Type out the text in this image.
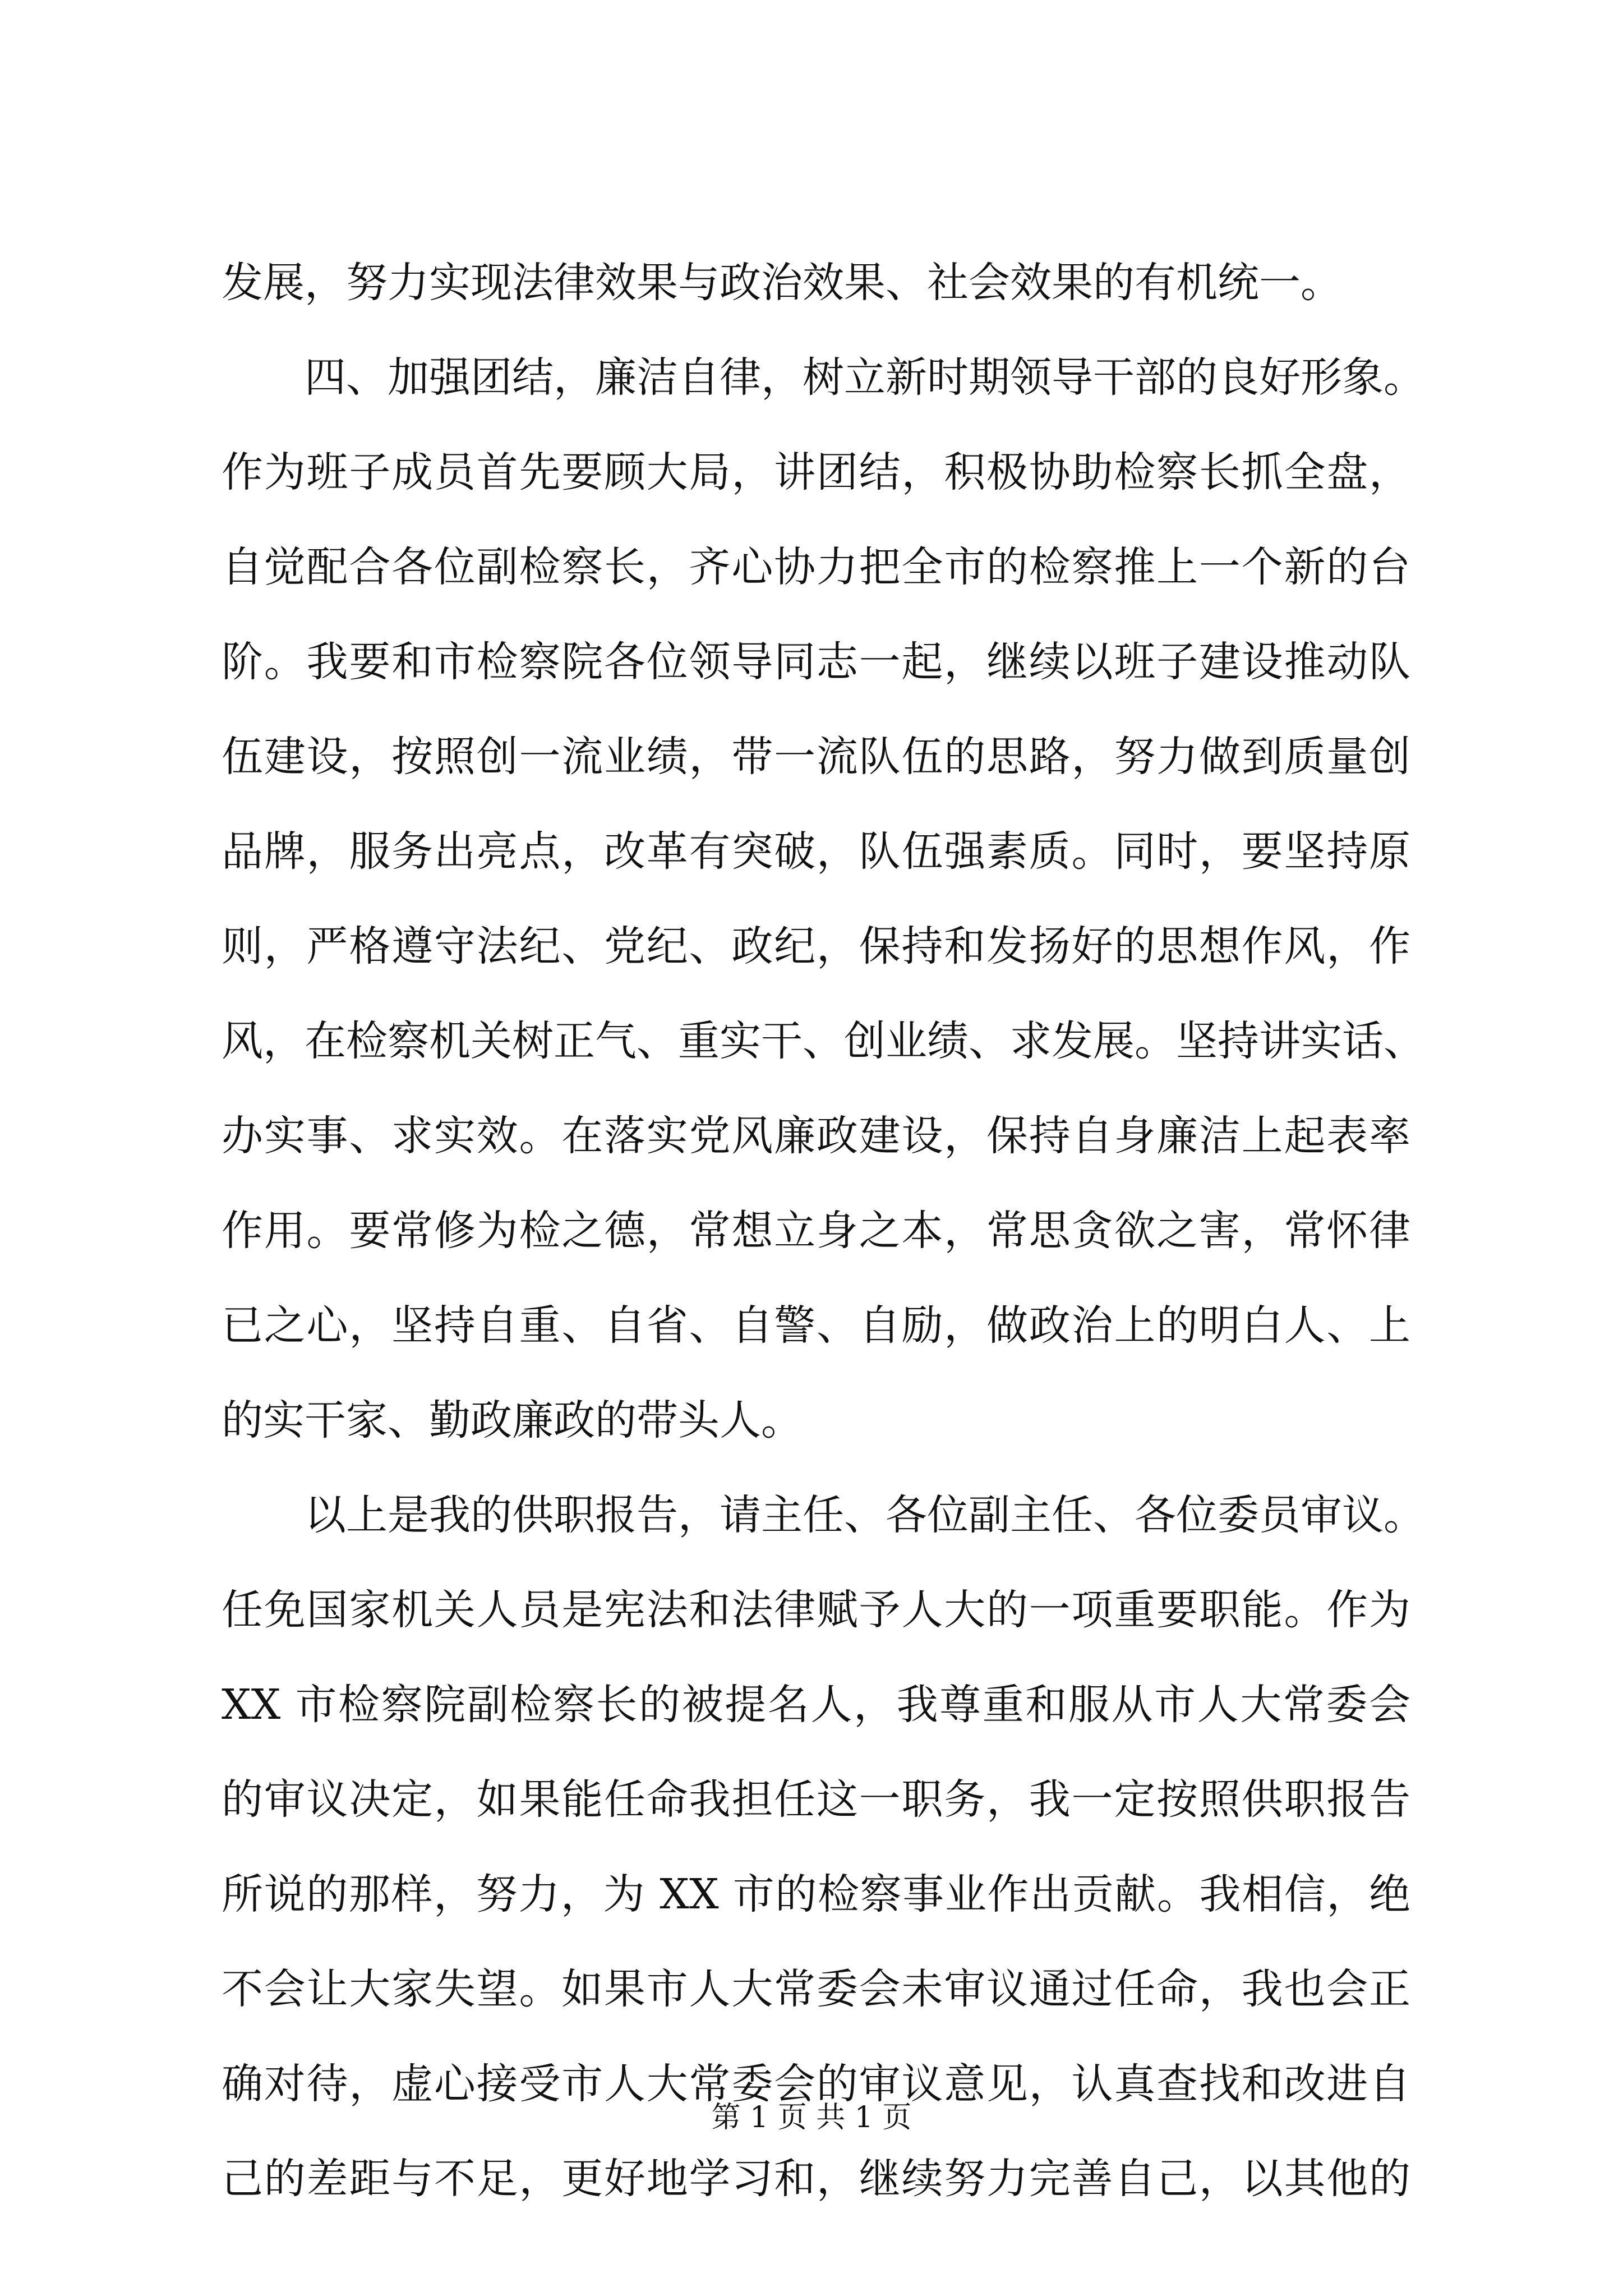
发展，努力实现法律效果与政治效果、社会效果的有机统一。
四、加强团结，廉洁自律，树立新时期领导干部的良好形象。
作为班子成员首先要顾大局，讲团结，积极协助检察长抓全盘，
自觉配合各位副检察长，齐心协力把全市的检察推上一个新的台
阶。我要和市检察院各位领导同志一起，继续以班子建设推动队
伍建设，按照创一流业绩，带一流队伍的思路，努力做到质量创
品牌，服务出亮点，改革有突破，队伍强素质。同时，要坚持原
则，严格遵守法纪、党纪、政纪，保持和发扬好的思想作风，作
风，在检察机关树正气、重实干、创业绩、求发展。坚持讲实话、
办实事、求实效。在落实党风廉政建设，保持自身廉洁上起表率
作用。要常修为检之德，常想立身之本，常思贪欲之害，常怀律
已之心，坚持自重、自省、自警、自励，做政治上的明白人、上
的实干家、勤政廉政的带头人。
以上是我的供职报告，请主任、各位副主任、各位委员审议。
任免国家机关人员是宪法和法律赋予人大的一项重要职能。作为
XX 市检察院副检察长的被提名人，我尊重和服从市人大常委会
的审议决定，如果能任命我担任这一职务，我一定按照供职报告
所说的那样，努力，为 XX 市的检察事业作出贡献。我相信，绝
不会让大家失望。如果市人大常委会未审议通过任命，我也会正
确对待，虚心接受市人大常委会的审议意见，认真查找和改进自
己的差距与不足，更好地学习和，继续努力完善自己，以其他的
第 1 页 共 1 页
